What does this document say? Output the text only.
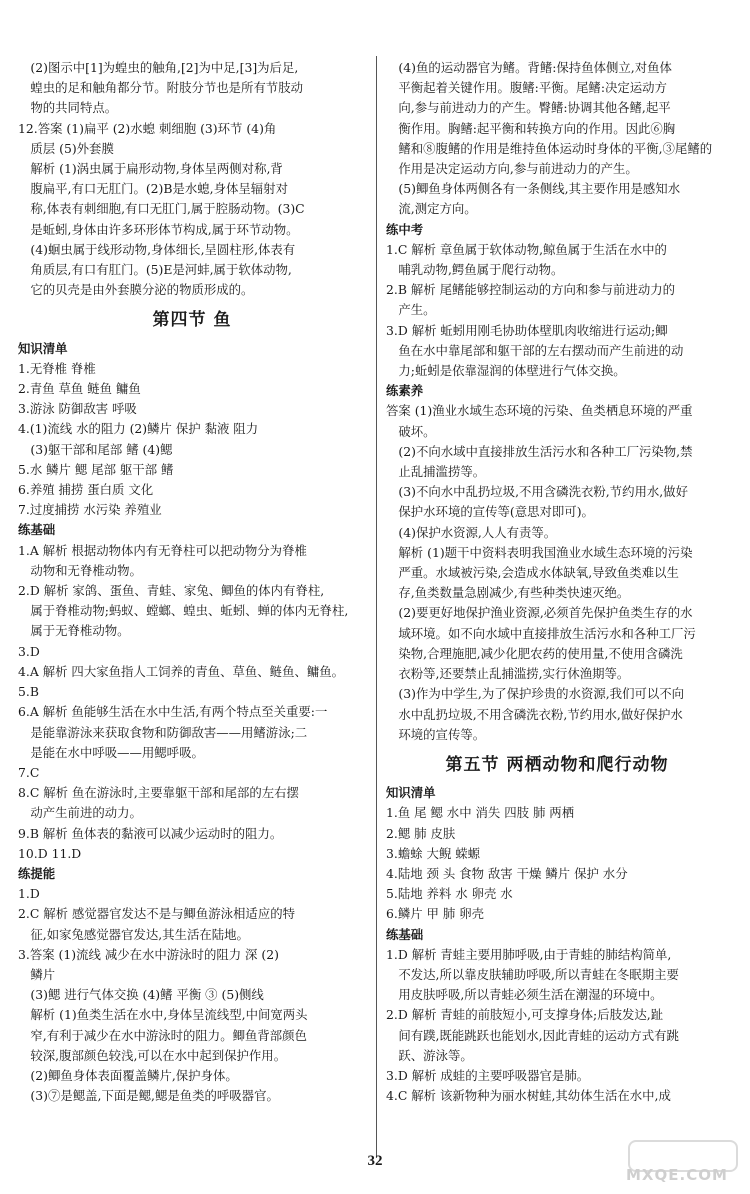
(2)图示中[1]为蝗虫的触角,[2]为中足,[3]为后足,
蝗虫的足和触角都分节。附肢分节也是所有节肢动
物的共同特点。
12.答案 (1)扁平 (2)水螅 刺细胞 (3)环节 (4)角
质层 (5)外套膜
解析 (1)涡虫属于扁形动物,身体呈两侧对称,背
腹扁平,有口无肛门。(2)B是水螅,身体呈辐射对
称,体表有刺细胞,有口无肛门,属于腔肠动物。(3)C
是蚯蚓,身体由许多环形体节构成,属于环节动物。
(4)蛔虫属于线形动物,身体细长,呈圆柱形,体表有
角质层,有口有肛门。(5)E是河蚌,属于软体动物,
它的贝壳是由外套膜分泌的物质形成的。
第四节 鱼
知识清单
1.无脊椎 脊椎
2.青鱼 草鱼 鲢鱼 鳙鱼
3.游泳 防御敌害 呼吸
4.(1)流线 水的阻力 (2)鳞片 保护 黏液 阻力
(3)躯干部和尾部 鳍 (4)鳃
5.水 鳞片 鳃 尾部 躯干部 鳍
6.养殖 捕捞 蛋白质 文化
7.过度捕捞 水污染 养殖业
练基础
1.A 解析 根据动物体内有无脊柱可以把动物分为脊椎
动物和无脊椎动物。
2.D 解析 家鸽、蛋鱼、青蛙、家兔、鲫鱼的体内有脊柱,
属于脊椎动物;蚂蚁、螳螂、蝗虫、蚯蚓、蝉的体内无脊柱,
属于无脊椎动物。
3.D
4.A 解析 四大家鱼指人工饲养的青鱼、草鱼、鲢鱼、鳙鱼。
5.B
6.A 解析 鱼能够生活在水中生活,有两个特点至关重要:一
是能靠游泳来获取食物和防御敌害——用鳍游泳;二
是能在水中呼吸——用鳃呼吸。
7.C
8.C 解析 鱼在游泳时,主要靠躯干部和尾部的左右摆
动产生前进的动力。
9.B 解析 鱼体表的黏液可以减少运动时的阻力。
10.D 11.D
练提能
1.D
2.C 解析 感觉器官发达不是与鲫鱼游泳相适应的特
征,如家兔感觉器官发达,其生活在陆地。
3.答案 (1)流线 减少在水中游泳时的阻力 深 (2)
鳞片
(3)鳃 进行气体交换 (4)鳍 平衡 ③ (5)侧线
解析 (1)鱼类生活在水中,身体呈流线型,中间宽两头
窄,有利于减少在水中游泳时的阻力。鲫鱼背部颜色
较深,腹部颜色较浅,可以在水中起到保护作用。
(2)鲫鱼身体表面覆盖鳞片,保护身体。
(3)⑦是鳃盖,下面是鳃,鳃是鱼类的呼吸器官。
(4)鱼的运动器官为鳍。背鳍:保持鱼体侧立,对鱼体
平衡起着关键作用。腹鳍:平衡。尾鳍:决定运动方
向,参与前进动力的产生。臀鳍:协调其他各鳍,起平
衡作用。胸鳍:起平衡和转换方向的作用。因此⑥胸
鳍和⑧腹鳍的作用是维持鱼体运动时身体的平衡,③尾鳍的
作用是决定运动方向,参与前进动力的产生。
(5)鲫鱼身体两侧各有一条侧线,其主要作用是感知水
流,测定方向。
练中考
1.C 解析 章鱼属于软体动物,鲸鱼属于生活在水中的
哺乳动物,鳄鱼属于爬行动物。
2.B 解析 尾鳍能够控制运动的方向和参与前进动力的
产生。
3.D 解析 蚯蚓用刚毛协助体壁肌肉收缩进行运动;鲫
鱼在水中靠尾部和躯干部的左右摆动而产生前进的动
力;蚯蚓是依靠湿润的体壁进行气体交换。
练素养
答案 (1)渔业水域生态环境的污染、鱼类栖息环境的严重
破坏。
(2)不向水域中直接排放生活污水和各种工厂污染物,禁
止乱捕滥捞等。
(3)不向水中乱扔垃圾,不用含磷洗衣粉,节约用水,做好
保护水环境的宣传等(意思对即可)。
(4)保护水资源,人人有责等。
解析 (1)题干中资料表明我国渔业水域生态环境的污染
严重。水域被污染,会造成水体缺氧,导致鱼类难以生
存,鱼类数量急剧减少,有些种类快速灭绝。
(2)要更好地保护渔业资源,必须首先保护鱼类生存的水
域环境。如不向水域中直接排放生活污水和各种工厂污
染物,合理施肥,减少化肥农药的使用量,不使用含磷洗
衣粉等,还要禁止乱捕滥捞,实行休渔期等。
(3)作为中学生,为了保护珍贵的水资源,我们可以不向
水中乱扔垃圾,不用含磷洗衣粉,节约用水,做好保护水
环境的宣传等。
第五节 两栖动物和爬行动物
知识清单
1.鱼 尾 鳃 水中 消失 四肢 肺 两栖
2.鳃 肺 皮肤
3.蟾蜍 大鲵 蝾螈
4.陆地 颈 头 食物 敌害 干燥 鳞片 保护 水分
5.陆地 养料 水 卵壳 水
6.鳞片 甲 肺 卵壳
练基础
1.D 解析 青蛙主要用肺呼吸,由于青蛙的肺结构简单,
不发达,所以靠皮肤辅助呼吸,所以青蛙在冬眠期主要
用皮肤呼吸,所以青蛙必须生活在潮湿的环境中。
2.D 解析 青蛙的前肢短小,可支撑身体;后肢发达,趾
间有蹼,既能跳跃也能划水,因此青蛙的运动方式有跳
跃、游泳等。
3.D 解析 成蛙的主要呼吸器官是肺。
4.C 解析 该新物种为丽水树蛙,其幼体生活在水中,成
32
MXQE.COM
